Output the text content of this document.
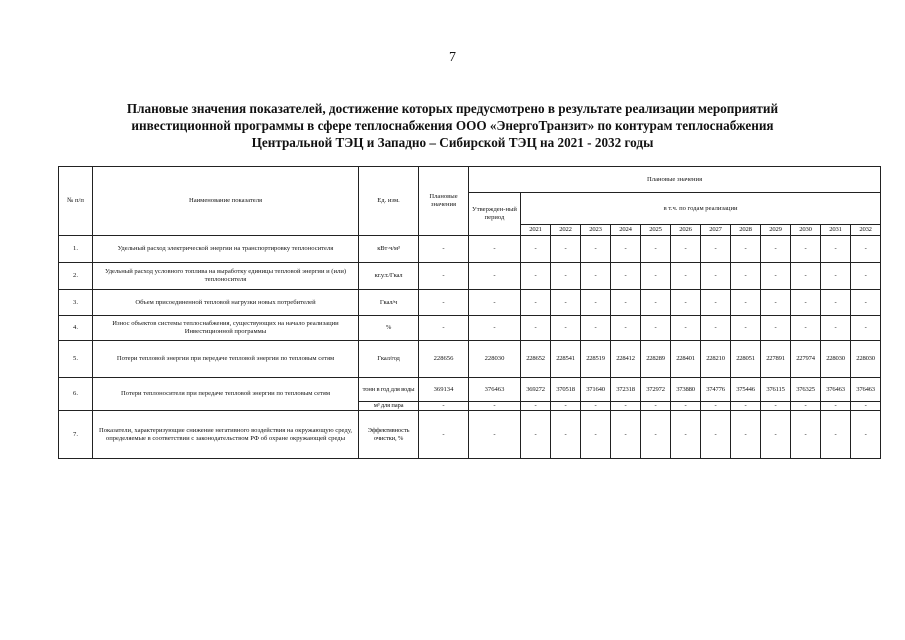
7
Плановые значения показателей, достижение которых предусмотрено в результате реализации мероприятий
инвестиционной программы в сфере теплоснабжения ООО «ЭнергоТранзит» по контурам теплоснабжения
Центральной ТЭЦ и Западно – Сибирской ТЭЦ на 2021 - 2032 годы
№ п/п	Наименование показателя	Ед. изм.	Плановые значения	Плановые значения												
				Утвержден-ный период	в т.ч. по годам реализации											
					2021	2022	2023	2024	2025	2026	2027	2028	2029	2030	2031	2032
1.	Удельный расход электрической энергии на транспортировку теплоносителя	кВт·ч/м³	-	-	-	-	-	-	-	-	-	-	-	-	-	-
2.	Удельный расход условного топлива на выработку единицы тепловой энергии и (или) теплоносителя	кг.у.т./Гкал	-	-	-	-	-	-	-	-	-	-	-	-	-	-
3.	Объем присоединенной тепловой нагрузки новых потребителей	Гкал/ч	-	-	-	-	-	-	-	-	-	-	-	-	-	-
4.	Износ объектов системы теплоснабжения, существующих на начало реализации Инвестиционной программы	%	-	-	-	-	-	-	-	-	-	-	-	-	-	-
5.	Потери тепловой энергии при передаче тепловой энергии по тепловым сетям	Гкал/год	228656	228030	228652	228541	228519	228412	228289	228401	228210	228051	227891	227974	228030	228030
6.	Потери теплоносителя при передаче тепловой энергии по тепловым сетям	тонн в год для воды	369134	376463	369272	370518	371640	372318	372972	373880	374776	375446	376115	376325	376463	376463
		м³ для пара	-	-	-	-	-	-	-	-	-	-	-	-	-	-
7.	Показатели, характеризующие снижение негативного воздействия на окружающую среду, определяемые в соответствии с законодательством РФ об охране окружающей среды	Эффективность очистки, %	-	-	-	-	-	-	-	-	-	-	-	-	-	-
